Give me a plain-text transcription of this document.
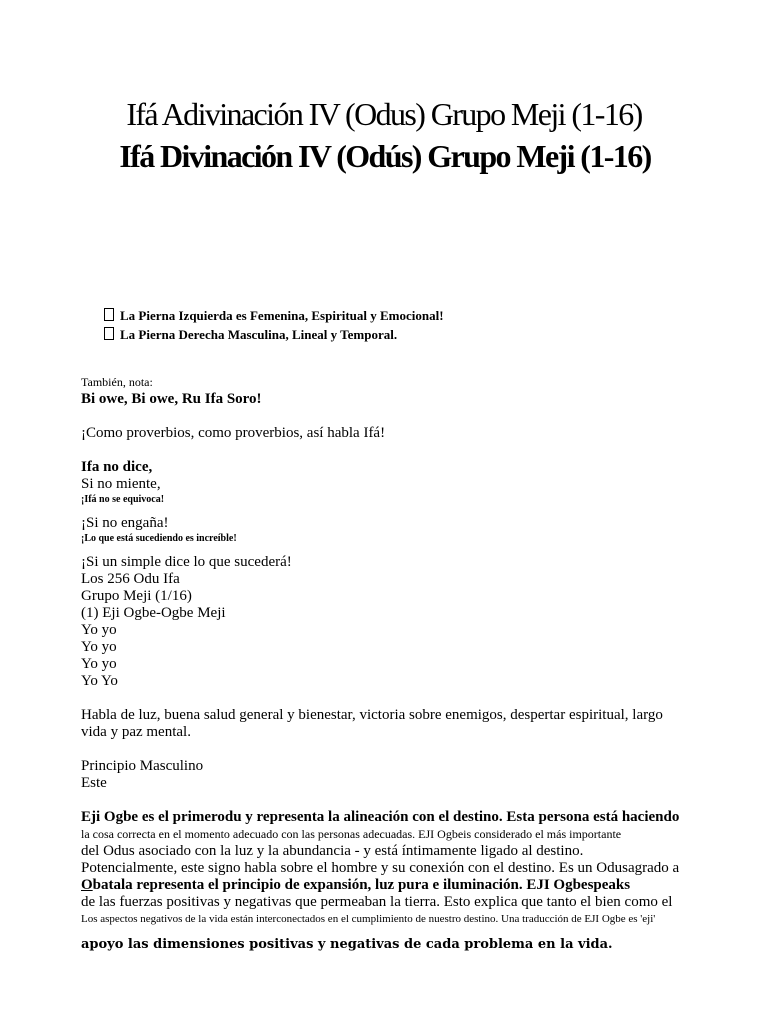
Ifá Adivinación IV (Odus) Grupo Meji (1-16)
Ifá Divinación IV (Odús) Grupo Meji (1-16)
La Pierna Izquierda es Femenina, Espiritual y Emocional!
La Pierna Derecha Masculina, Lineal y Temporal.
También, nota:
Bi owe, Bi owe, Ru Ifa Soro!
¡Como proverbios, como proverbios, así habla Ifá!
Ifa no dice,
Si no miente,
¡Ifá no se equivoca!
¡Si no engaña!
¡Lo que está sucediendo es increíble!
¡Si un simple dice lo que sucederá!
Los 256 Odu Ifa
Grupo Meji (1/16)
(1) Eji Ogbe-Ogbe Meji
Yo yo
Yo yo
Yo yo
Yo Yo
Habla de luz, buena salud general y bienestar, victoria sobre enemigos, despertar espiritual, largo
vida y paz mental.
Principio Masculino
Este
Eji Ogbe es el primerodu y representa la alineación con el destino. Esta persona está haciendo
la cosa correcta en el momento adecuado con las personas adecuadas. EJI Ogbeis considerado el más importante
del Odus asociado con la luz y la abundancia - y está íntimamente ligado al destino.
Potencialmente, este signo habla sobre el hombre y su conexión con el destino. Es un Odusagrado a
Obatala representa el principio de expansión, luz pura e iluminación. EJI Ogbespeaks
de las fuerzas positivas y negativas que permeaban la tierra. Esto explica que tanto el bien como el
Los aspectos negativos de la vida están interconectados en el cumplimiento de nuestro destino. Una traducción de EJI Ogbe es 'eji'
apoyo las dimensiones positivas y negativas de cada problema en la vida.
